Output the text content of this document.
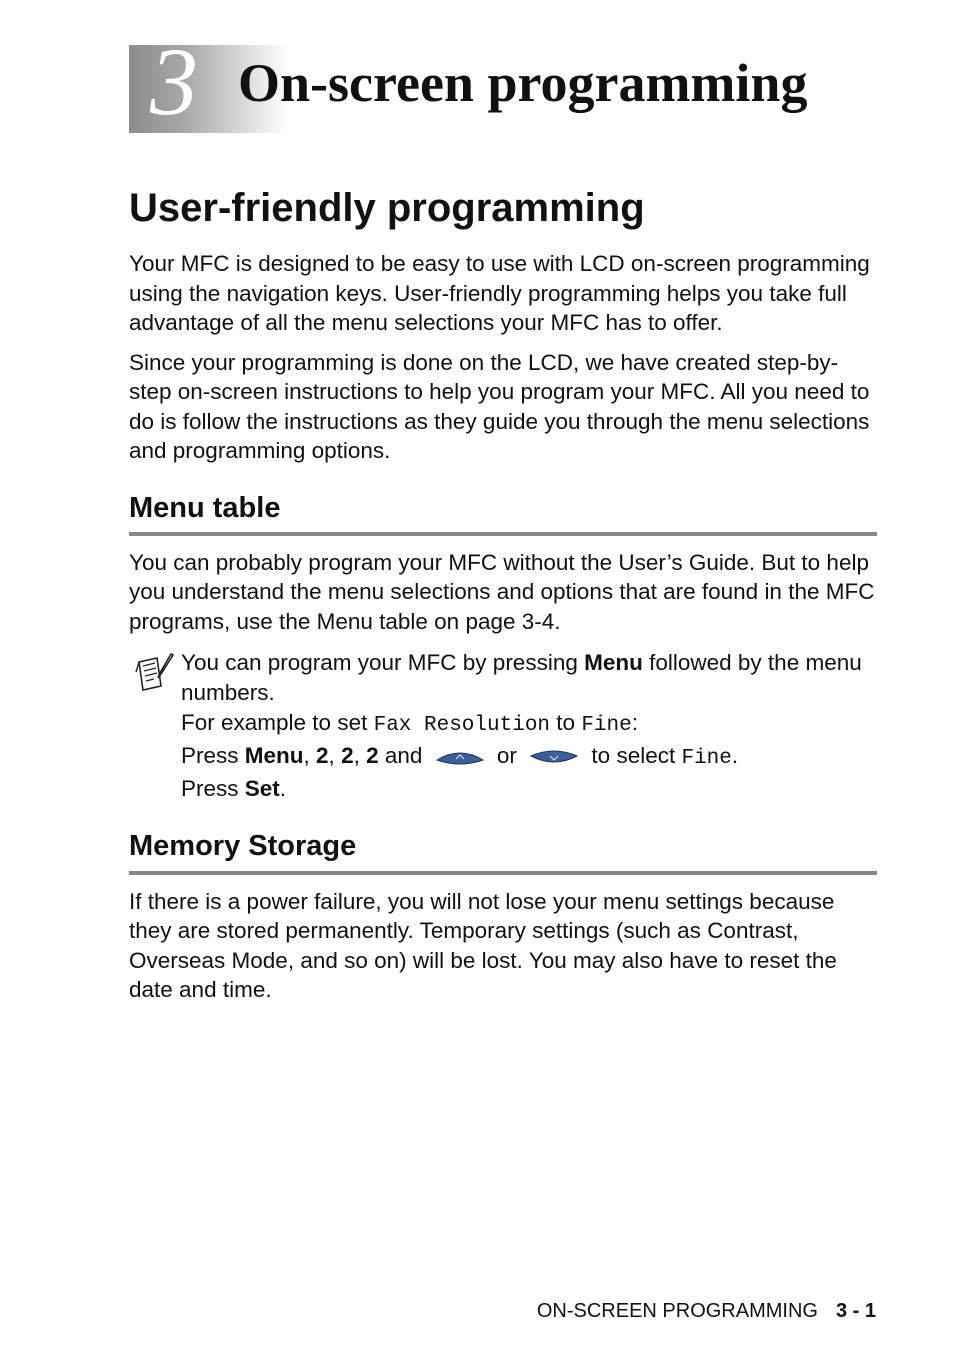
3 On-screen programming
User-friendly programming

Your MFC is designed to be easy to use with LCD on-screen programming using the navigation keys. User-friendly programming helps you take full advantage of all the menu selections your MFC has to offer.

Since your programming is done on the LCD, we have created step-by-step on-screen instructions to help you program your MFC. All you need to do is follow the instructions as they guide you through the menu selections and programming options.

Menu table

You can probably program your MFC without the User’s Guide. But to help you understand the menu selections and options that are found in the MFC programs, use the Menu table on page 3-4.

You can program your MFC by pressing Menu followed by the menu numbers.
For example to set Fax Resolution to Fine:
Press Menu, 2, 2, 2 and	or	to select Fine.
Press Set.
Memory Storage

If there is a power failure, you will not lose your menu settings because they are stored permanently. Temporary settings (such as Contrast, Overseas Mode, and so on) will be lost. You may also have to reset the date and time.

ON-SCREEN PROGRAMMING 3 - 1
